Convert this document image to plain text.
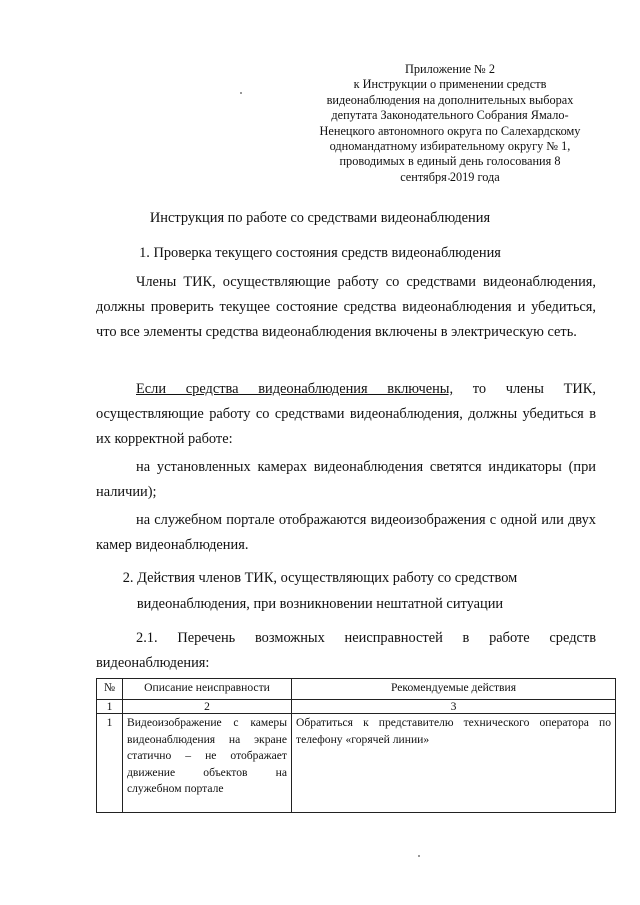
Приложение № 2
к Инструкции о применении средств
видеонаблюдения на дополнительных выборах
депутата Законодательного Собрания Ямало-
Ненецкого автономного округа по Салехардскому
одномандатному избирательному округу № 1,
проводимых в единый день голосования 8
сентября 2019 года
Инструкция по работе со средствами видеонаблюдения
1. Проверка текущего состояния средств видеонаблюдения
Члены ТИК, осуществляющие работу со средствами видеонаблюдения, должны проверить текущее состояние средства видеонаблюдения и убедиться, что все элементы средства видеонаблюдения включены в электрическую сеть.
Если средства видеонаблюдения включены, то члены ТИК, осуществляющие работу со средствами видеонаблюдения, должны убедиться в их корректной работе:
на установленных камерах видеонаблюдения светятся индикаторы (при наличии);
на служебном портале отображаются видеоизображения с одной или двух камер видеонаблюдения.
2. Действия членов ТИК, осуществляющих работу со средством
видеонаблюдения, при возникновении нештатной ситуации
2.1. Перечень возможных неисправностей в работе средств видеонаблюдения:
№	Описание неисправности	Рекомендуемые действия
1	2	3
1	Видеоизображение с камеры видеонаблюдения на экране статично – не отображает движение объектов на служебном портале	Обратиться к представителю технического оператора по телефону «горячей линии»
